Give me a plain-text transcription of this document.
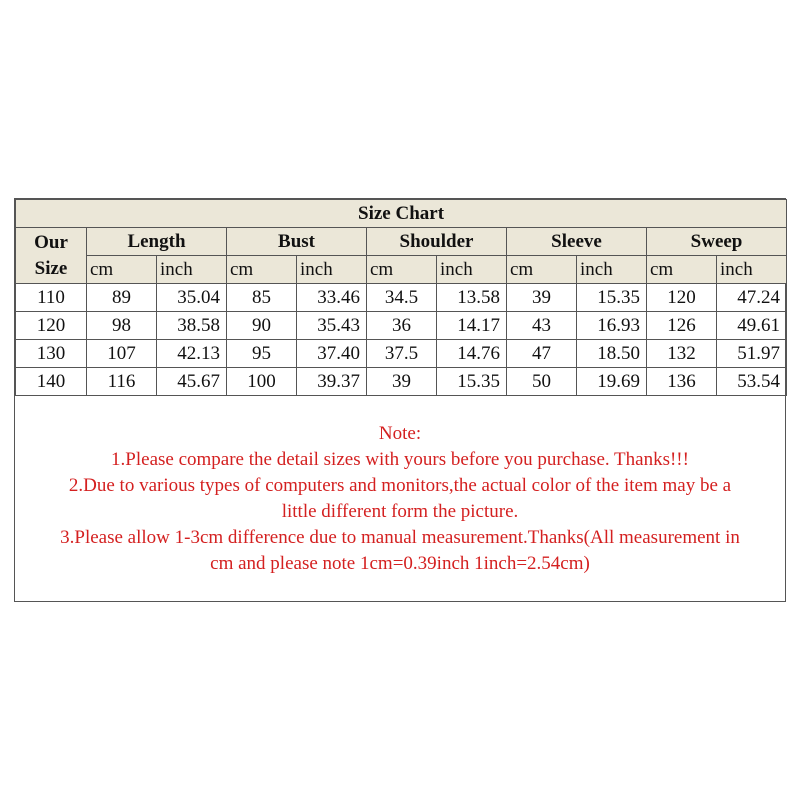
Size Chart										

Our
Size	Length		Bust		Shoulder		Sleeve		Sweep	
	cm	inch	cm	inch	cm	inch	cm	inch	cm	inch
110	89	35.04	85	33.46	34.5	13.58	39	15.35	120	47.24
120	98	38.58	90	35.43	36	14.17	43	16.93	126	49.61
130	107	42.13	95	37.40	37.5	14.76	47	18.50	132	51.97
140	116	45.67	100	39.37	39	15.35	50	19.69	136	53.54
Note:
1.Please compare the detail sizes with yours before you purchase. Thanks!!!
2.Due to various types of computers and monitors,the actual color of the item may be a
little different form the picture.
3.Please allow 1-3cm difference due to manual measurement.Thanks(All measurement in
cm and please note 1cm=0.39inch 1inch=2.54cm)
